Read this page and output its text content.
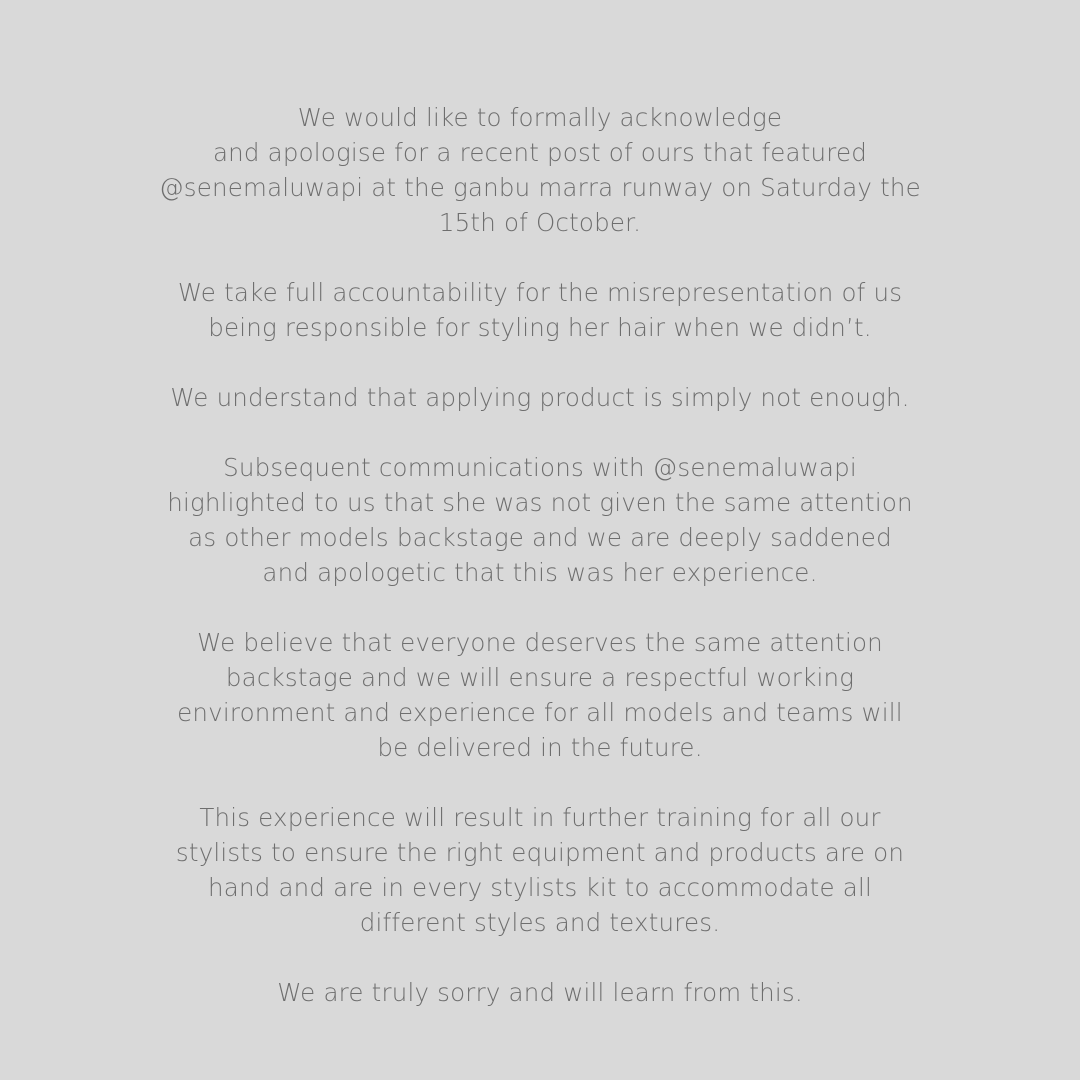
We would like to formally acknowledge
and apologise for a recent post of ours that featured
@senemaluwapi at the ganbu marra runway on Saturday the
15th of October.
We take full accountability for the misrepresentation of us
being responsible for styling her hair when we didn’t.
We understand that applying product is simply not enough.
Subsequent communications with @senemaluwapi
highlighted to us that she was not given the same attention
as other models backstage and we are deeply saddened
and apologetic that this was her experience.
We believe that everyone deserves the same attention
backstage and we will ensure a respectful working
environment and experience for all models and teams will
be delivered in the future.
This experience will result in further training for all our
stylists to ensure the right equipment and products are on
hand and are in every stylists kit to accommodate all
different styles and textures.
We are truly sorry and will learn from this.
